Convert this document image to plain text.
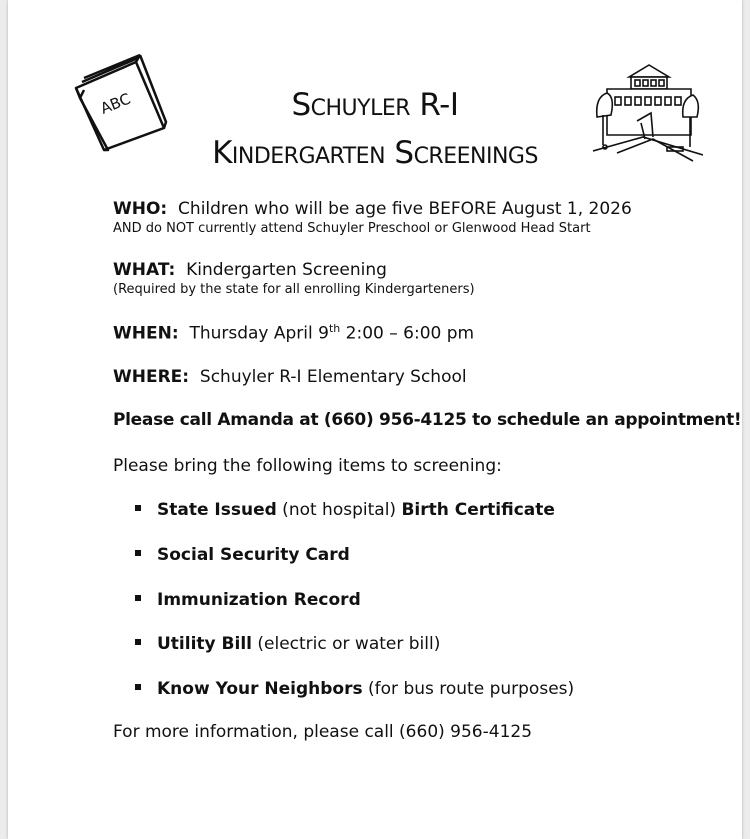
ABC	Schuyler R-I
Kindergarten Screenings
WHO: Children who will be age five BEFORE August 1, 2026
AND do NOT currently attend Schuyler Preschool or Glenwood Head Start
WHAT: Kindergarten Screening
(Required by the state for all enrolling Kindergarteners)
WHEN: Thursday April 9th 2:00 – 6:00 pm
WHERE: Schuyler R-I Elementary School
Please call Amanda at (660) 956-4125 to schedule an appointment!
Please bring the following items to screening:
State Issued (not hospital) Birth Certificate
Social Security Card
Immunization Record
Utility Bill (electric or water bill)
Know Your Neighbors (for bus route purposes)
For more information, please call (660) 956-4125
